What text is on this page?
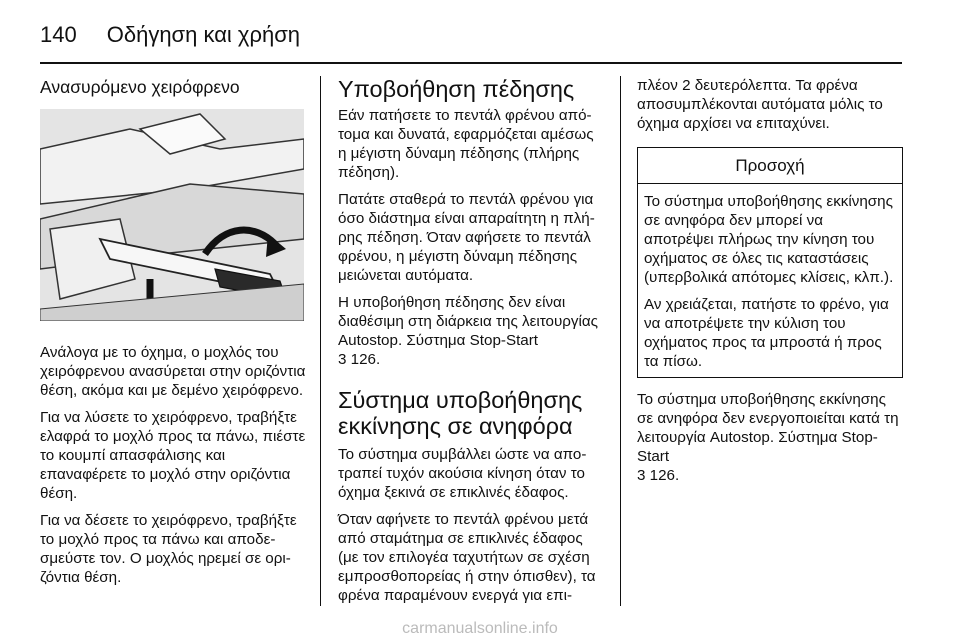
140 Οδήγηση και χρήση
Ανασυρόμενο χειρόφρενο

Ανάλογα με το όχημα, ο μοχλός του χειρόφρενου ανασύρεται στην οριζόντια θέση, ακόμα και με δεμένο χειρόφρενο.

Για να λύσετε το χειρόφρενο, τραβήξτε ελαφρά το μοχλό προς τα πάνω, πιέστε το κουμπί απασφάλισης και επαναφέρετε το μοχλό στην οριζόντια θέση.

Για να δέσετε το χειρόφρενο, τραβήξτε το μοχλό προς τα πάνω και αποδεσμεύστε τον. Ο μοχλός ηρεμεί σε οριζόντια θέση.

Υποβοήθηση πέδησης

Εάν πατήσετε το πεντάλ φρένου απότομα και δυνατά, εφαρμόζεται αμέσως η μέγιστη δύναμη πέδησης (πλήρης πέδηση).

Πατάτε σταθερά το πεντάλ φρένου για όσο διάστημα είναι απαραίτητη η πλήρης πέδηση. Όταν αφήσετε το πεντάλ φρένου, η μέγιστη δύναμη πέδησης μειώνεται αυτόματα.

Η υποβοήθηση πέδησης δεν είναι διαθέσιμη στη διάρκεια της λειτουργίας Autostop. Σύστημα Stop-Start

3 126.

Σύστημα υποβοήθησης εκκίνησης σε ανηφόρα

Το σύστημα συμβάλλει ώστε να αποτραπεί τυχόν ακούσια κίνηση όταν το όχημα ξεκινά σε επικλινές έδαφος.

Όταν αφήνετε το πεντάλ φρένου μετά από σταμάτημα σε επικλινές έδαφος (με τον επιλογέα ταχυτήτων σε σχέση εμπροσθοπορείας ή στην όπισθεν), τα φρένα παραμένουν ενεργά για επι-

πλέον 2 δευτερόλεπτα. Τα φρένα αποσυμπλέκονται αυτόματα μόλις το όχημα αρχίσει να επιταχύνει.

Προσοχή

Το σύστημα υποβοήθησης εκκίνησης σε ανηφόρα δεν μπορεί να αποτρέψει πλήρως την κίνηση του οχήματος σε όλες τις καταστάσεις (υπερβολικά απότομες κλίσεις, κλπ.).

Αν χρειάζεται, πατήστε το φρένο, για να αποτρέψετε την κύλιση του οχήματος προς τα μπροστά ή προς τα πίσω.

Το σύστημα υποβοήθησης εκκίνησης σε ανηφόρα δεν ενεργοποιείται κατά τη λειτουργία Autostop. Σύστημα Stop-Start

3 126.

carmanualsonline.info
